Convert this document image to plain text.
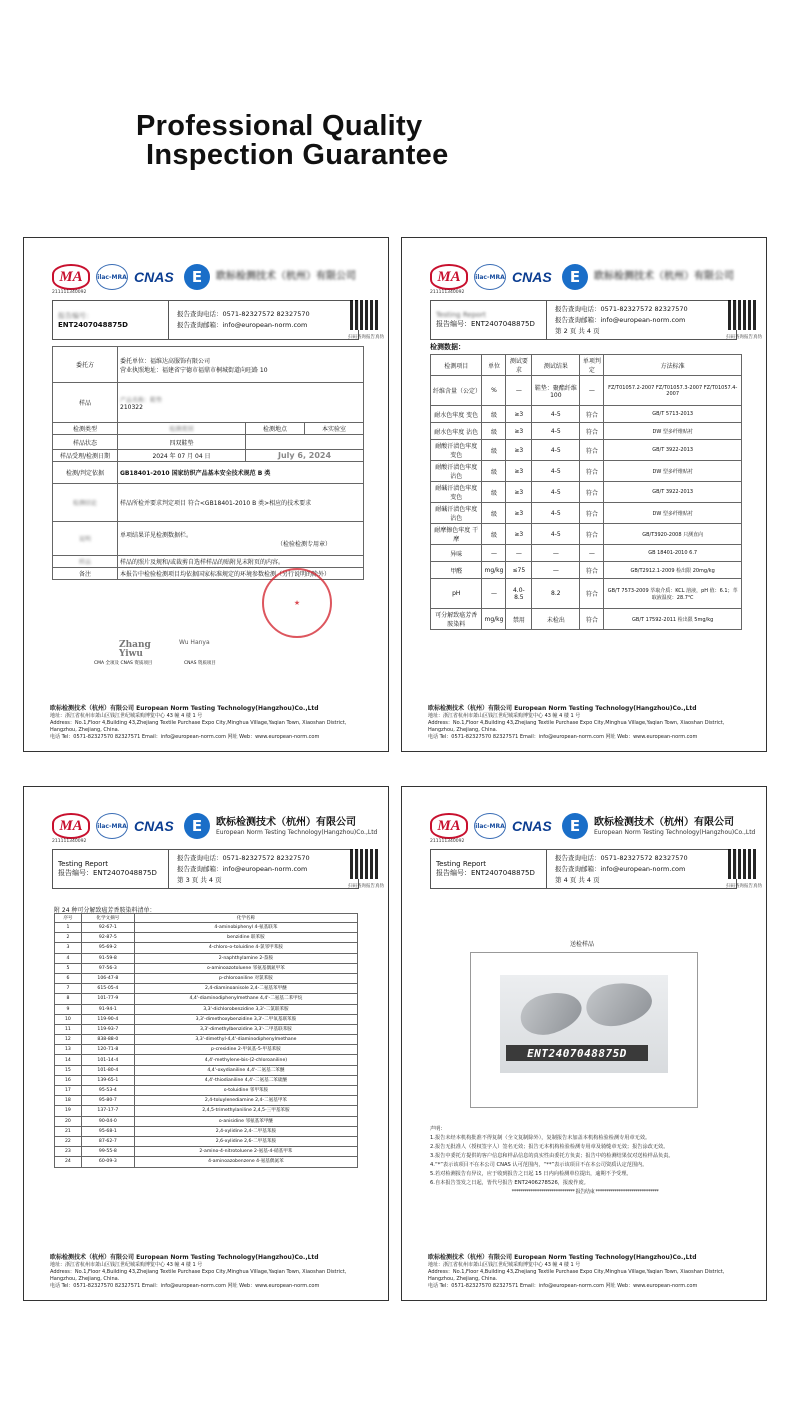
Professional Quality
Inspection Guarantee
MA	ilac-MRA CNAS	E	欧标检测技术（杭州）有限公司
211111340092
报告编号：
ENT2407048875D
报告查询电话：0571-82327572 82327570
报告查询邮箱：info@european-norm.com
扫码查询报告真伪
委托方	委托单位：福维达高服饰有限公司
营业执照地址：福建省宁德市福鼎市桐城街道向旺路 10		

样品	产品名称：鞋垫
210322		

检测类型	检测类别	检测地点	本实验室
样品状态	四双鞋垫		
样品受理/检测日期	2024 年 07 月 04 日	July 6, 2024	
检测/判定依据	GB18401-2010 国家纺织产品基本安全技术规范 B 类		
检测结论	样品所检并要求判定项目 符合<GB18401-2010 B 类>相应的技术要求		
说明	单项结果详见检测数据栏。
（检验检测专用章）		

样品	样品的照片及规和/或裁剪自选样样品的贴附见末附页的内容。		
备注	本报告中检验检测项目均依据国家标准规定的环境参数检测（另行说明的除外）		
★
Zhang Yiwu
Wu Hanya
CMA 全项及 CNAS 资质项目	CNAS 资质项目
欧标检测技术（杭州）有限公司 European Norm Testing Technology(Hangzhou)Co.,Ltd
地址：浙江省杭州市萧山区钱江世纪城采购博览中心 43 幢 4 楼 1 号
Address：No.1,Floor 4,Building 43,Zhejiang Textile Purchase Expo City,Minghua Village,Yaqian Town, Xiaoshan District, Hangzhou, Zhejiang, China.
电话 Tel：0571-82327570 82327571 Email：info@european-norm.com 网址 Web：www.european-norm.com
MA	ilac-MRA CNAS	E	欧标检测技术（杭州）有限公司
211111340092
Testing Report
报告编号：ENT2407048875D
报告查询电话：0571-82327572 82327570
报告查询邮箱：info@european-norm.com
第 2 页 共 4 页
扫码查询报告真伪
检测数据：
检测项目	单位	测试要求	测试结果	单项判定	方法标准
纤维含量（公定）	%	—	鞋垫：聚酯纤维 100	—	FZ/T01057.2-2007 FZ/T01057.3-2007 FZ/T01057.4-2007
耐水色牢度 变色	级	≥3	4-5	符合	GB/T 5713-2013
耐水色牢度 沾色	级	≥3	4-5	符合	DW 型多纤维贴衬
耐酸汗渍色牢度 变色	级	≥3	4-5	符合	GB/T 3922-2013
耐酸汗渍色牢度 沾色	级	≥3	4-5	符合	DW 型多纤维贴衬
耐碱汗渍色牢度 变色	级	≥3	4-5	符合	GB/T 3922-2013
耐碱汗渍色牢度 沾色	级	≥3	4-5	符合	DW 型多纤维贴衬
耐摩擦色牢度 干摩	级	≥3	4-5	符合	GB/T3920-2008 只测直向
异味	—	—	—	—	GB 18401-2010 6.7
甲醛	mg/kg	≤75	—	符合	GB/T2912.1-2009 检出限 20mg/kg
pH	—	4.0-8.5	8.2	符合	GB/T 7573-2009 萃取介质：KCL 溶液，pH 值：6.1；萃取液温度：28.7℃
可分解致癌芳香胺染料	mg/kg	禁用	未检出	符合	GB/T 17592-2011 检出限 5mg/kg
欧标检测技术（杭州）有限公司 European Norm Testing Technology(Hangzhou)Co.,Ltd
地址：浙江省杭州市萧山区钱江世纪城采购博览中心 43 幢 4 楼 1 号
Address：No.1,Floor 4,Building 43,Zhejiang Textile Purchase Expo City,Minghua Village,Yaqian Town, Xiaoshan District, Hangzhou, Zhejiang, China.
电话 Tel：0571-82327570 82327571 Email：info@european-norm.com 网址 Web：www.european-norm.com
MA	ilac-MRA CNAS	E	欧标检测技术（杭州）有限公司
European Norm Testing Technology(Hangzhou)Co.,Ltd
211111340092
Testing Report
报告编号：ENT2407048875D
报告查询电话：0571-82327572 82327570
报告查询邮箱：info@european-norm.com
第 3 页 共 4 页
扫码查询报告真伪
附 24 种可分解致癌芳香胺染料清单：
序号	化学文摘号	化学名称
1	92-67-1	4-aminobiphenyl 4-氨基联苯
2	92-87-5	benzidine 联苯胺
3	95-69-2	4-chloro-o-toluidine 4-氯邻甲苯胺
4	91-59-8	2-naphthylamine 2-萘胺
5	97-56-3	o-aminoazotoluene 邻氨基偶氮甲苯
6	106-47-8	p-chloroaniline 对氯苯胺
7	615-05-4	2,4-diaminoanisole 2,4-二氨基苯甲醚
8	101-77-9	4,4'-diaminodiphenylmethane 4,4'-二氨基二苯甲烷
9	91-94-1	3,3'-dichlorobenzidine 3,3'-二氯联苯胺
10	119-90-4	3,3'-dimethoxybenzidine 3,3'-二甲氧基联苯胺
11	119-93-7	3,3'-dimethylbenzidine 3,3'-二甲基联苯胺
12	838-88-0	3,3'-dimethyl-4,4'-diaminodiphenylmethane
13	120-71-8	p-cresidine 2-甲氧基-5-甲基苯胺
14	101-14-4	4,4'-methylene-bis-(2-chloroaniline)
15	101-80-4	4,4'-oxydianiline 4,4'-二氨基二苯醚
16	139-65-1	4,4'-thiodianiline 4,4'-二氨基二苯硫醚
17	95-53-4	o-toluidine 邻甲苯胺
18	95-80-7	2,4-toluylenediamine 2,4-二氨基甲苯
19	137-17-7	2,4,5-trimethylaniline 2,4,5-三甲基苯胺
20	90-04-0	o-anisidine 邻氨基苯甲醚
21	95-68-1	2,4-xylidine 2,4-二甲基苯胺
22	87-62-7	2,6-xylidine 2,6-二甲基苯胺
23	99-55-8	2-amino-4-nitrotoluene 2-氨基-4-硝基甲苯
24	60-09-3	4-aminoazobenzene 4-氨基偶氮苯
欧标检测技术（杭州）有限公司 European Norm Testing Technology(Hangzhou)Co.,Ltd
地址：浙江省杭州市萧山区钱江世纪城采购博览中心 43 幢 4 楼 1 号
Address：No.1,Floor 4,Building 43,Zhejiang Textile Purchase Expo City,Minghua Village,Yaqian Town, Xiaoshan District, Hangzhou, Zhejiang, China.
电话 Tel：0571-82327570 82327571 Email：info@european-norm.com 网址 Web：www.european-norm.com
MA	ilac-MRA CNAS	E	欧标检测技术（杭州）有限公司
European Norm Testing Technology(Hangzhou)Co.,Ltd
211111340092
Testing Report
报告编号：ENT2407048875D
报告查询电话：0571-82327572 82327570
报告查询邮箱：info@european-norm.com
第 4 页 共 4 页
扫码查询报告真伪
送检样品
ENT2407048875D
声明：
1.报告未经本机构批准不得复制（全文复制除外），复制报告未加盖本机构检验检测专用章无效。
2.报告无批准人（授权签字人）签名无效；报告无本机构检验检测专用章及骑缝章无效；报告涂改无效。
3.报告中委托方提供的客户信息和样品信息的真实性由委托方负责；报告中的检测结果仅对送检样品负责。
4.“*”表示该项目不在本公司 CNAS 认可范围内，“**”表示该项目不在本公司资质认定范围内。
5.若对检测报告有异议，应于收到报告之日起 15 日内向检测单位提出，逾期不予受理。
6.自本报告签发之日起，皆代号报告 ENT2406278526，报废作废。
****************************** 报告结束 ******************************
欧标检测技术（杭州）有限公司 European Norm Testing Technology(Hangzhou)Co.,Ltd
地址：浙江省杭州市萧山区钱江世纪城采购博览中心 43 幢 4 楼 1 号
Address：No.1,Floor 4,Building 43,Zhejiang Textile Purchase Expo City,Minghua Village,Yaqian Town, Xiaoshan District, Hangzhou, Zhejiang, China.
电话 Tel：0571-82327570 82327571 Email：info@european-norm.com 网址 Web：www.european-norm.com
